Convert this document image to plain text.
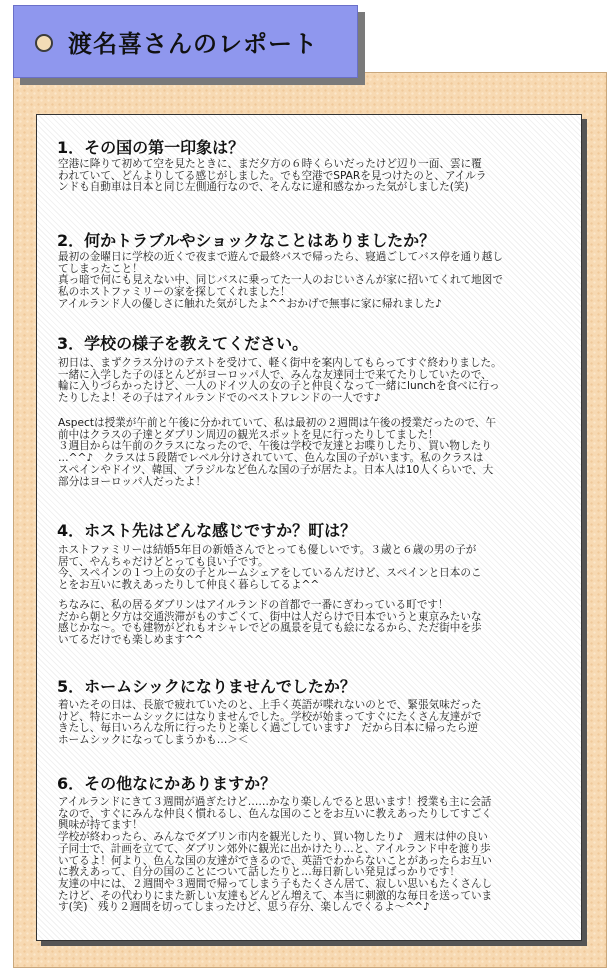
渡名喜さんのレポート
1．その国の第一印象は？
空港に降りて初めて空を見たときに、まだ夕方の６時くらいだったけど辺り一面、雲に覆
われていて、どんよりしてる感じがしました。でも空港でSPARを見つけたのと、アイルラ
ンドも自動車は日本と同じ左側通行なので、そんなに違和感なかった気がしました(笑)
2．何かトラブルやショックなことはありましたか？
最初の金曜日に学校の近くで夜まで遊んで最終バスで帰ったら、寝過ごしてバス停を通り越し
てしまったこと！
真っ暗で何にも見えない中、同じバスに乗ってた一人のおじいさんが家に招いてくれて地図で
私のホストファミリーの家を探してくれました！
アイルランド人の優しさに触れた気がしたよ^^おかげで無事に家に帰れました♪
3．学校の様子を教えてください。
初日は、まずクラス分けのテストを受けて、軽く街中を案内してもらってすぐ終わりました。
一緒に入学した子のほとんどがヨーロッパ人で、みんな友達同士で来てたりしていたので、
輪に入りづらかったけど、一人のドイツ人の女の子と仲良くなって一緒にlunchを食べに行っ
たりしたよ！その子はアイルランドでのベストフレンドの一人です♪
Aspectは授業が午前と午後に分かれていて、私は最初の２週間は午後の授業だったので、午
前中はクラスの子達とダブリン周辺の観光スポットを見に行ったりしてました！
３週目からは午前のクラスになったので、午後は学校で友達とお喋りしたり、買い物したり
…^^♪　クラスは５段階でレベル分けされていて、色んな国の子がいます。私のクラスは
スペインやドイツ、韓国、ブラジルなど色んな国の子が居たよ。日本人は10人くらいで、大
部分はヨーロッパ人だったよ！
4．ホスト先はどんな感じですか？町は？
ホストファミリーは結婚5年目の新婚さんでとっても優しいです。３歳と６歳の男の子が
居て、やんちゃだけどとっても良い子です。
今、スペインの１つ上の女の子とルームシェアをしているんだけど、スペインと日本のこ
とをお互いに教えあったりして仲良く暮らしてるよ^^
ちなみに、私の居るダブリンはアイルランドの首都で一番にぎわっている町です！
だから朝と夕方は交通渋滞がものすごくて、街中は人だらけで日本でいうと東京みたいな
感じかな〜。でも建物がどれもオシャレでどの風景を見ても絵になるから、ただ街中を歩
いてるだけでも楽しめます^^
5．ホームシックになりませんでしたか？
着いたその日は、長旅で疲れていたのと、上手く英語が喋れないのとで、緊張気味だった
けど、特にホームシックにはなりませんでした。学校が始まってすぐにたくさん友達がで
きたし、毎日いろんな所に行ったりと楽しく過ごしています♪　だから日本に帰ったら逆
ホームシックになってしまうかも…＞＜
6．その他なにかありますか？
アイルランドにきて３週間が過ぎたけど……かなり楽しんでると思います！授業も主に会話
なので、すぐにみんな仲良く慣れるし、色んな国のことをお互いに教えあったりしてすごく
興味が持てます！
学校が終わったら、みんなでダブリン市内を観光したり、買い物したり♪　週末は仲の良い
子同士で、計画を立てて、ダブリン郊外に観光に出かけたり…と、アイルランド中を渡り歩
いてるよ！何より、色んな国の友達ができるので、英語でわからないことがあったらお互い
に教えあって、自分の国のことについて話したりと…毎日新しい発見ばっかりです！
友達の中には、２週間や３週間で帰ってしまう子もたくさん居て、寂しい思いもたくさんし
たけど、その代わりにまた新しい友達もどんどん増えて、本当に刺激的な毎日を送っていま
す(笑)　残り２週間を切ってしまったけど、思う存分、楽しんでくるよ〜^^♪
